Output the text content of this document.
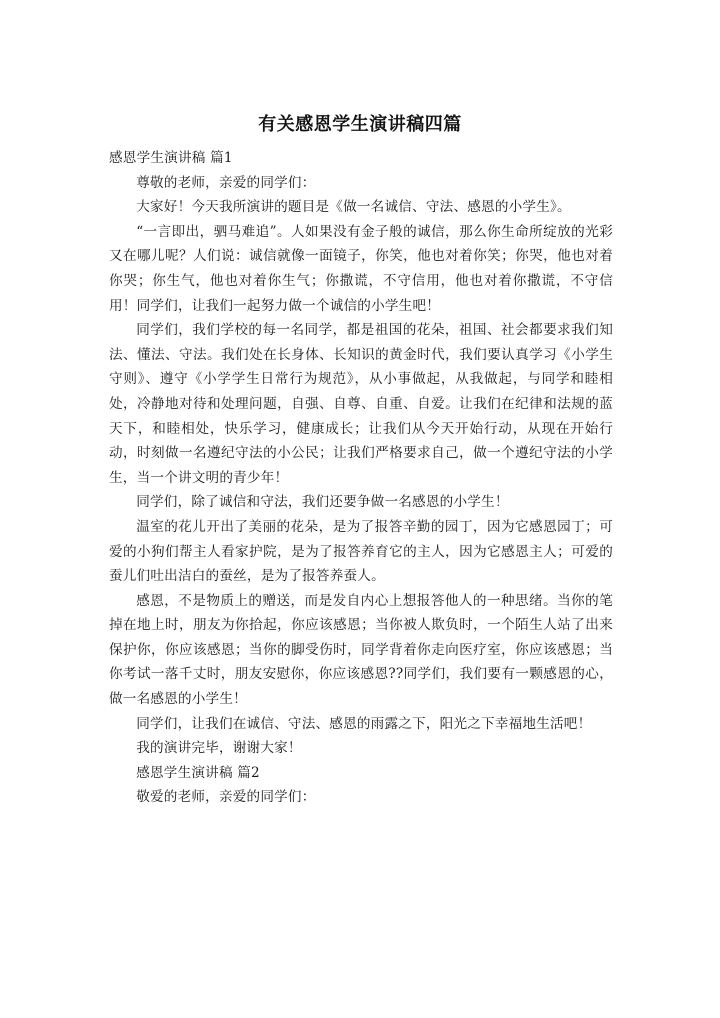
有关感恩学生演讲稿四篇

感恩学生演讲稿 篇1

尊敬的老师，亲爱的同学们：

大家好！今天我所演讲的题目是《做一名诚信、守法、感恩的小学生》。

“一言即出，驷马难追”。人如果没有金子般的诚信，那么你生命所绽放的光彩又在哪儿呢？人们说：诚信就像一面镜子，你笑，他也对着你笑；你哭，他也对着你哭；你生气，他也对着你生气；你撒谎，不守信用，他也对着你撒谎，不守信用！同学们，让我们一起努力做一个诚信的小学生吧！

同学们，我们学校的每一名同学，都是祖国的花朵，祖国、社会都要求我们知法、懂法、守法。我们处在长身体、长知识的黄金时代，我们要认真学习《小学生守则》、遵守《小学学生日常行为规范》，从小事做起，从我做起，与同学和睦相处，冷静地对待和处理问题，自强、自尊、自重、自爱。让我们在纪律和法规的蓝天下，和睦相处，快乐学习，健康成长；让我们从今天开始行动，从现在开始行动，时刻做一名遵纪守法的小公民；让我们严格要求自己，做一个遵纪守法的小学生，当一个讲文明的青少年！

同学们，除了诚信和守法，我们还要争做一名感恩的小学生！

温室的花儿开出了美丽的花朵，是为了报答辛勤的园丁，因为它感恩园丁；可爱的小狗们帮主人看家护院，是为了报答养育它的主人，因为它感恩主人；可爱的蚕儿们吐出洁白的蚕丝，是为了报答养蚕人。

感恩，不是物质上的赠送，而是发自内心上想报答他人的一种思绪。当你的笔掉在地上时，朋友为你拾起，你应该感恩；当你被人欺负时，一个陌生人站了出来保护你，你应该感恩；当你的脚受伤时，同学背着你走向医疗室，你应该感恩；当你考试一落千丈时，朋友安慰你，你应该感恩??同学们，我们要有一颗感恩的心，做一名感恩的小学生！

同学们，让我们在诚信、守法、感恩的雨露之下，阳光之下幸福地生活吧！

我的演讲完毕，谢谢大家！

感恩学生演讲稿 篇2

敬爱的老师，亲爱的同学们：
